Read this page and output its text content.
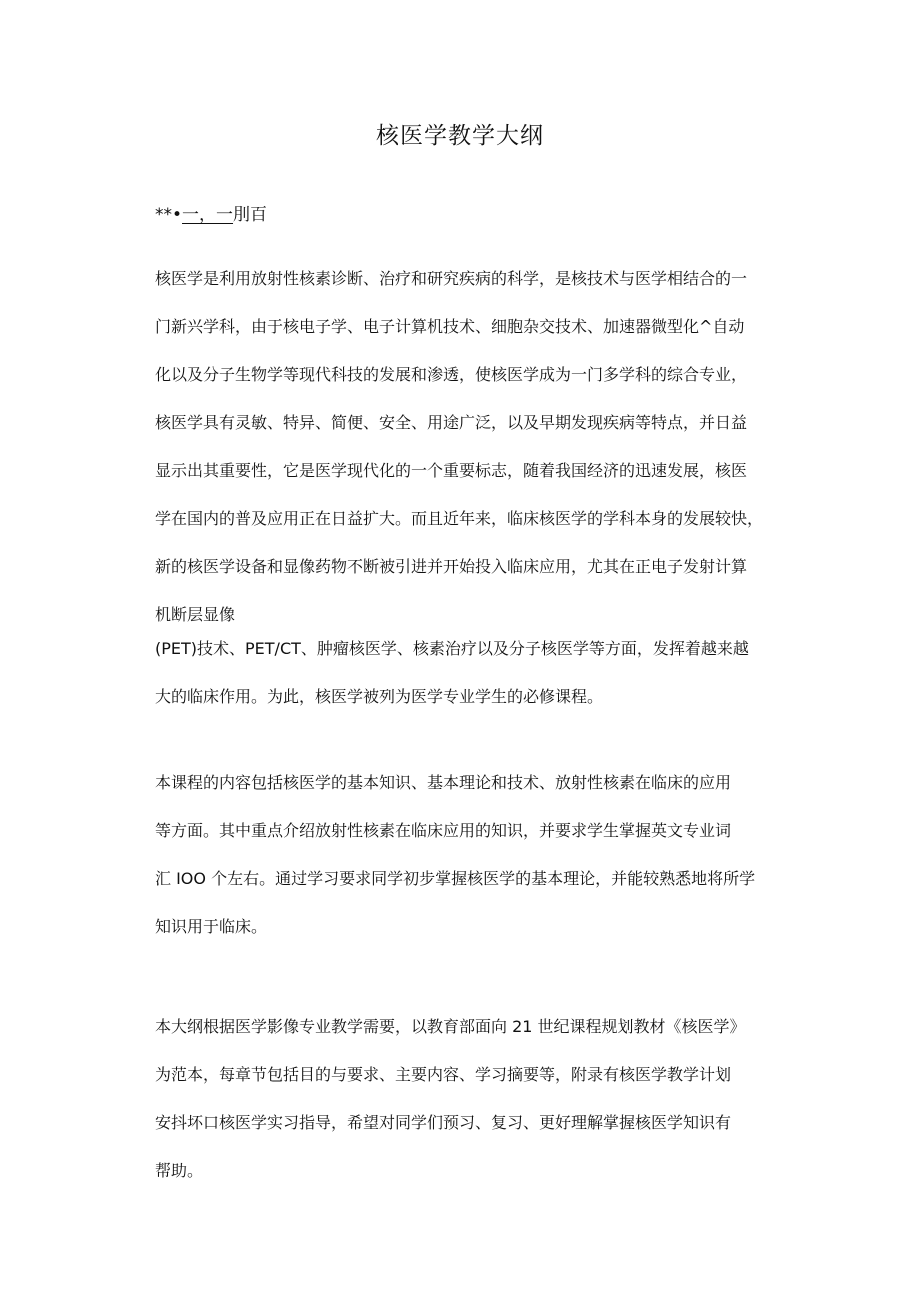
核医学教学大纲

**•一，一刖百

核医学是利用放射性核素诊断、治疗和研究疾病的科学，是核技术与医学相结合的一
门新兴学科，由于核电子学、电子计算机技术、细胞杂交技术、加速器微型化^自动
化以及分子生物学等现代科技的发展和渗透，使核医学成为一门多学科的综合专业，
核医学具有灵敏、特异、简便、安全、用途广泛，以及早期发现疾病等特点，并日益
显示出其重要性，它是医学现代化的一个重要标志，随着我国经济的迅速发展，核医
学在国内的普及应用正在日益扩大。而且近年来，临床核医学的学科本身的发展较快，
新的核医学设备和显像药物不断被引进并开始投入临床应用，尤其在正电子发射计算
机断层显像
(PET)技术、PET/CT、肿瘤核医学、核素治疗以及分子核医学等方面，发挥着越来越
大的临床作用。为此，核医学被列为医学专业学生的必修课程。
本课程的内容包括核医学的基本知识、基本理论和技术、放射性核素在临床的应用
等方面。其中重点介绍放射性核素在临床应用的知识，并要求学生掌握英文专业词
汇 IOO 个左右。通过学习要求同学初步掌握核医学的基本理论，并能较熟悉地将所学
知识用于临床。
本大纲根据医学影像专业教学需要，以教育部面向 21 世纪课程规划教材《核医学》
为范本，每章节包括目的与要求、主要内容、学习摘要等，附录有核医学教学计划
安抖坏口核医学实习指导，希望对同学们预习、复习、更好理解掌握核医学知识有
帮助。
